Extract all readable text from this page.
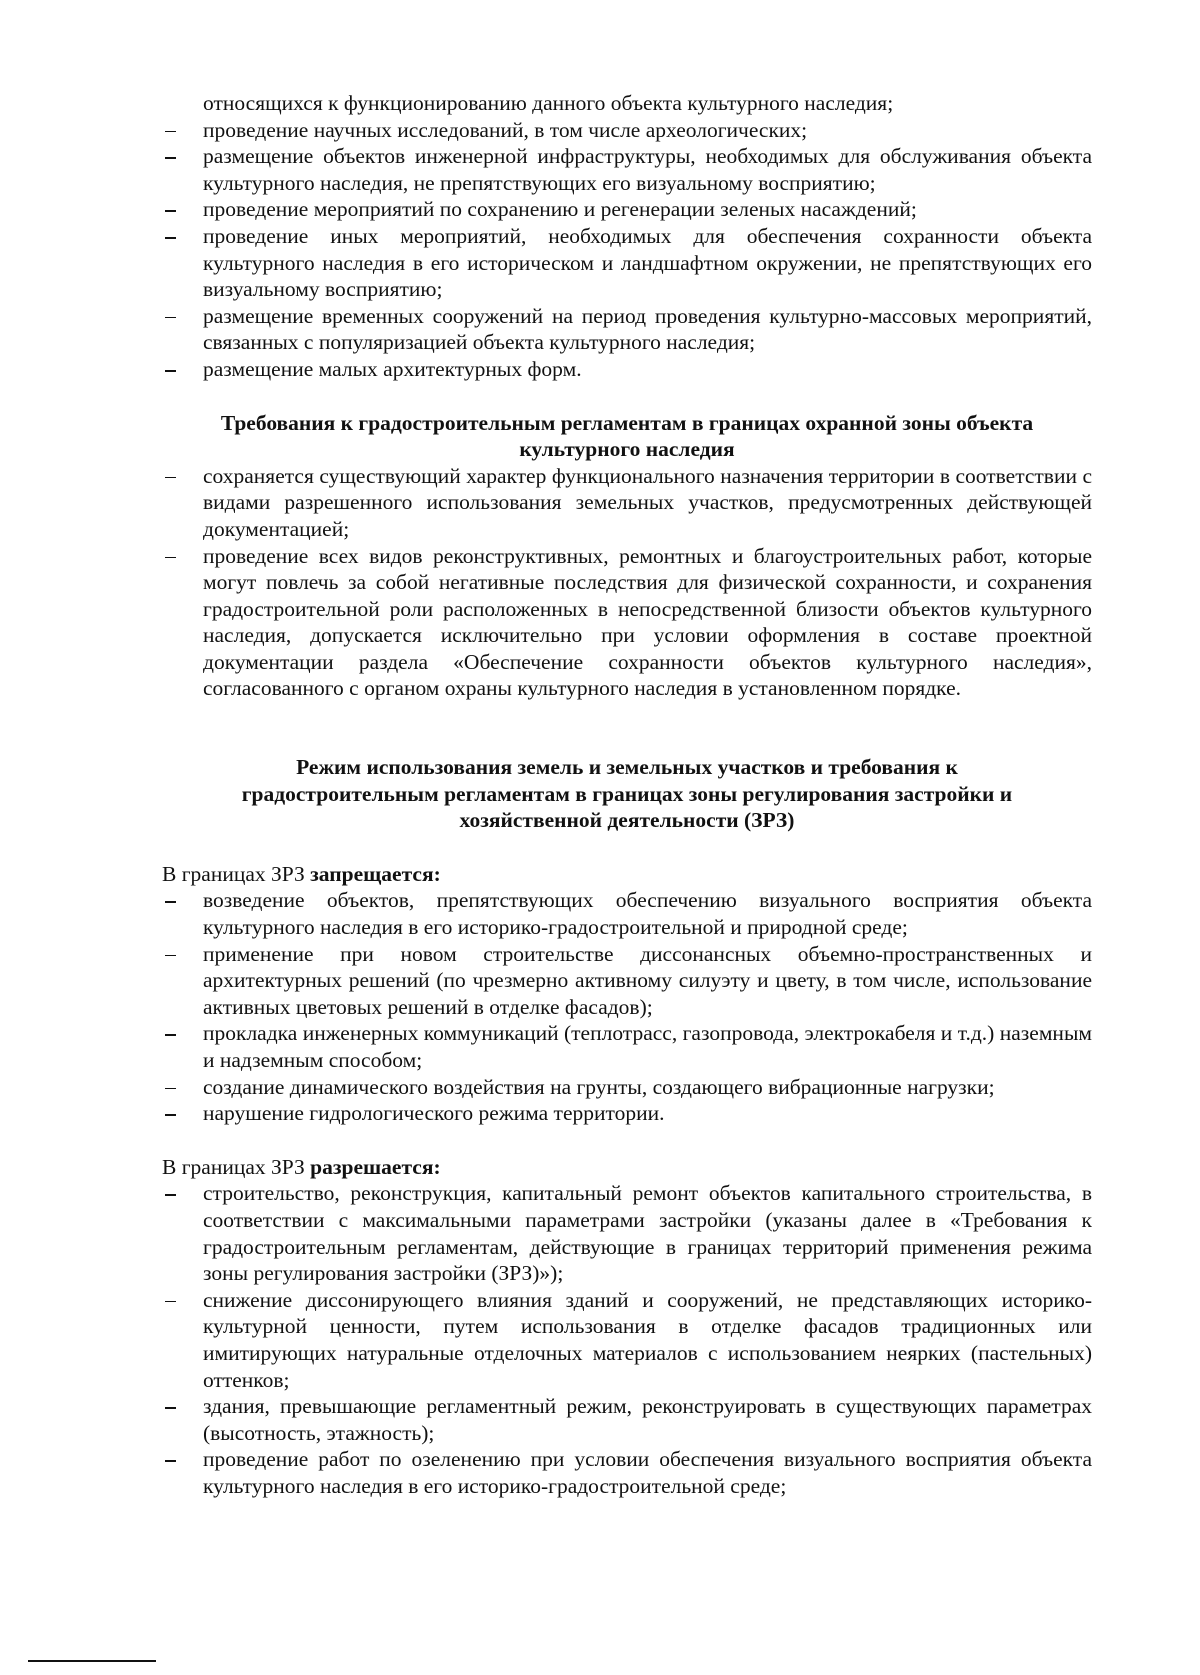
относящихся к функционированию данного объекта культурного наследия;
проведение научных исследований, в том числе археологических;
размещение объектов инженерной инфраструктуры, необходимых для обслуживания объекта культурного наследия, не препятствующих его визуальному восприятию;
проведение мероприятий по сохранению и регенерации зеленых насаждений;
проведение иных мероприятий, необходимых для обеспечения сохранности объекта культурного наследия в его историческом и ландшафтном окружении, не препятствующих его визуальному восприятию;
размещение временных сооружений на период проведения культурно-массовых мероприятий, связанных с популяризацией объекта культурного наследия;
размещение малых архитектурных форм.
Требования к градостроительным регламентам в границах охранной зоны объекта
культурного наследия
сохраняется существующий характер функционального назначения территории в соответствии с видами разрешенного использования земельных участков, предусмотренных действующей документацией;
проведение всех видов реконструктивных, ремонтных и благоустроительных работ, которые могут повлечь за собой негативные последствия для физической сохранности, и сохранения градостроительной роли расположенных в непосредственной близости объектов культурного наследия, допускается исключительно при условии оформления в составе проектной документации раздела «Обеспечение сохранности объектов культурного наследия», согласованного с органом охраны культурного наследия в установленном порядке.
Режим использования земель и земельных участков и требования к
градостроительным регламентам в границах зоны регулирования застройки и
хозяйственной деятельности (ЗРЗ)
В границах ЗРЗ запрещается:
возведение объектов, препятствующих обеспечению визуального восприятия объекта культурного наследия в его историко-градостроительной и природной среде;
применение при новом строительстве диссонансных объемно-пространственных и архитектурных решений (по чрезмерно активному силуэту и цвету, в том числе, использование активных цветовых решений в отделке фасадов);
прокладка инженерных коммуникаций (теплотрасс, газопровода, электрокабеля и т.д.) наземным и надземным способом;
создание динамического воздействия на грунты, создающего вибрационные нагрузки;
нарушение гидрологического режима территории.
В границах ЗРЗ разрешается:
строительство, реконструкция, капитальный ремонт объектов капитального строительства, в соответствии с максимальными параметрами застройки (указаны далее в «Требования к градостроительным регламентам, действующие в границах территорий применения режима зоны регулирования застройки (ЗРЗ)»);
снижение диссонирующего влияния зданий и сооружений, не представляющих историко-культурной ценности, путем использования в отделке фасадов традиционных или имитирующих натуральные отделочных материалов с использованием неярких (пастельных) оттенков;
здания, превышающие регламентный режим, реконструировать в существующих параметрах (высотность, этажность);
проведение работ по озеленению при условии обеспечения визуального восприятия объекта культурного наследия в его историко-градостроительной среде;
